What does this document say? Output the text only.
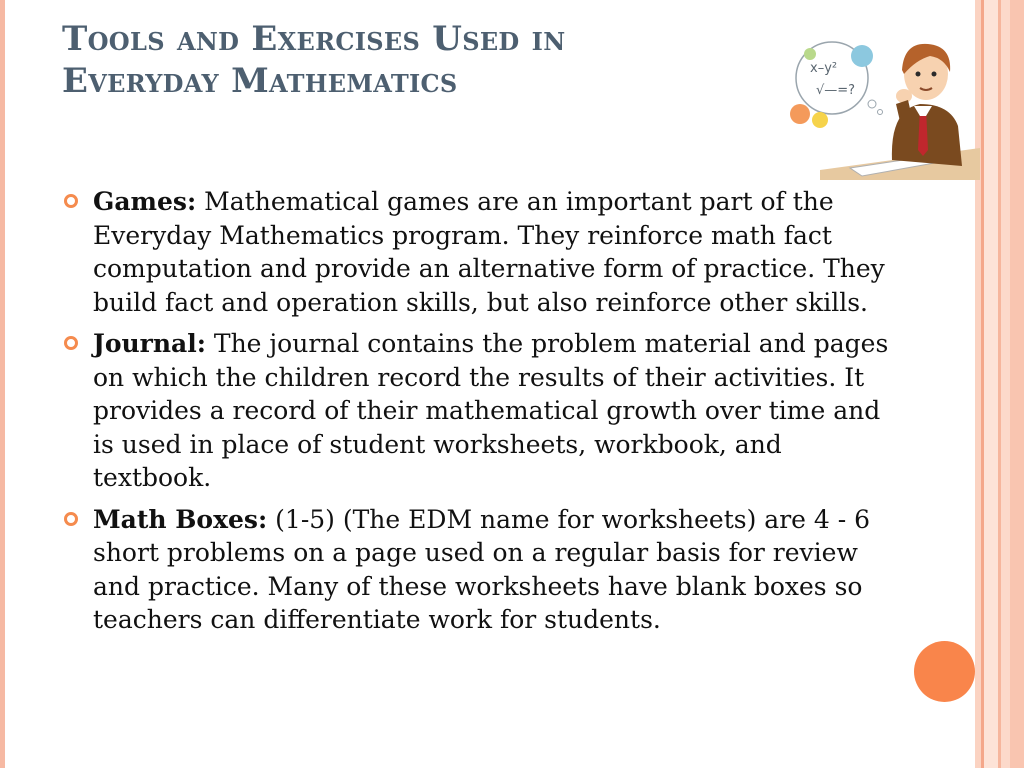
Tools and Exercises Used in
Everyday Mathematics	x–y²
√—=?
Games: Mathematical games are an important part of the Everyday Mathematics program. They reinforce math fact computation and provide an alternative form of practice. They build fact and operation skills, but also reinforce other skills.
Journal: The journal contains the problem material and pages on which the children record the results of their activities. It provides a record of their mathematical growth over time and is used in place of student worksheets, workbook, and textbook.
Math Boxes: (1-5) (The EDM name for worksheets) are 4 - 6 short problems on a page used on a regular basis for review and practice. Many of these worksheets have blank boxes so teachers can differentiate work for students.
